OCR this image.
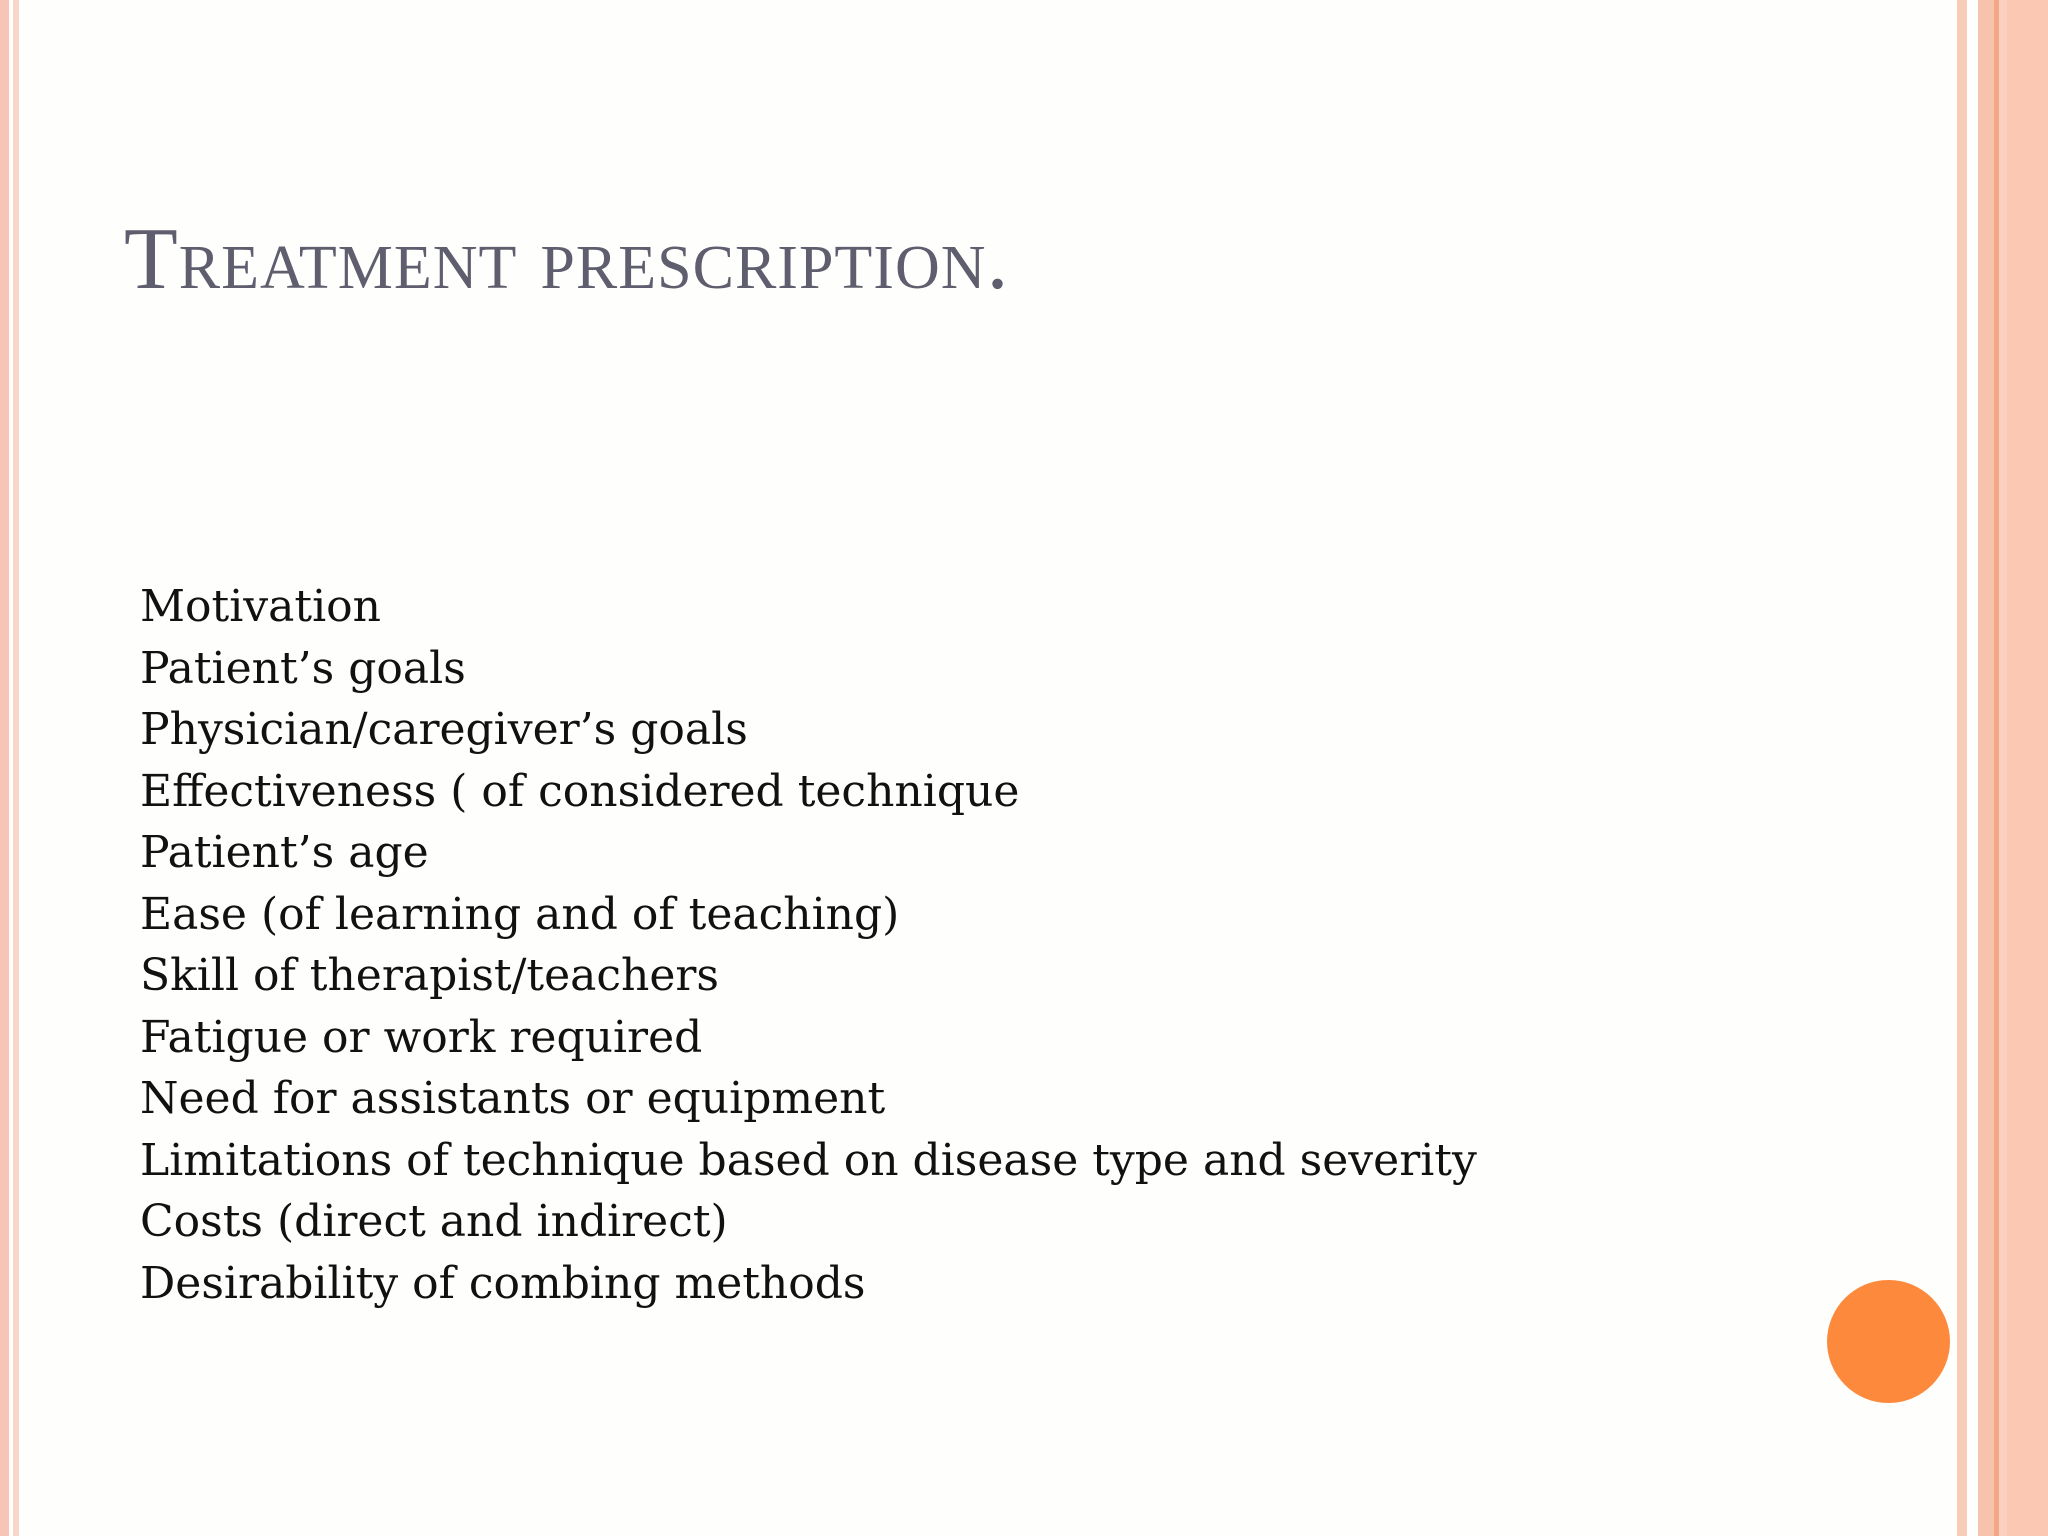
Treatment prescription.
Motivation
Patient’s goals
Physician/caregiver’s goals
Effectiveness ( of considered technique
Patient’s age
Ease (of learning and of teaching)
Skill of therapist/teachers
Fatigue or work required
Need for assistants or equipment
Limitations of technique based on disease type and severity
Costs (direct and indirect)
Desirability of combing methods
